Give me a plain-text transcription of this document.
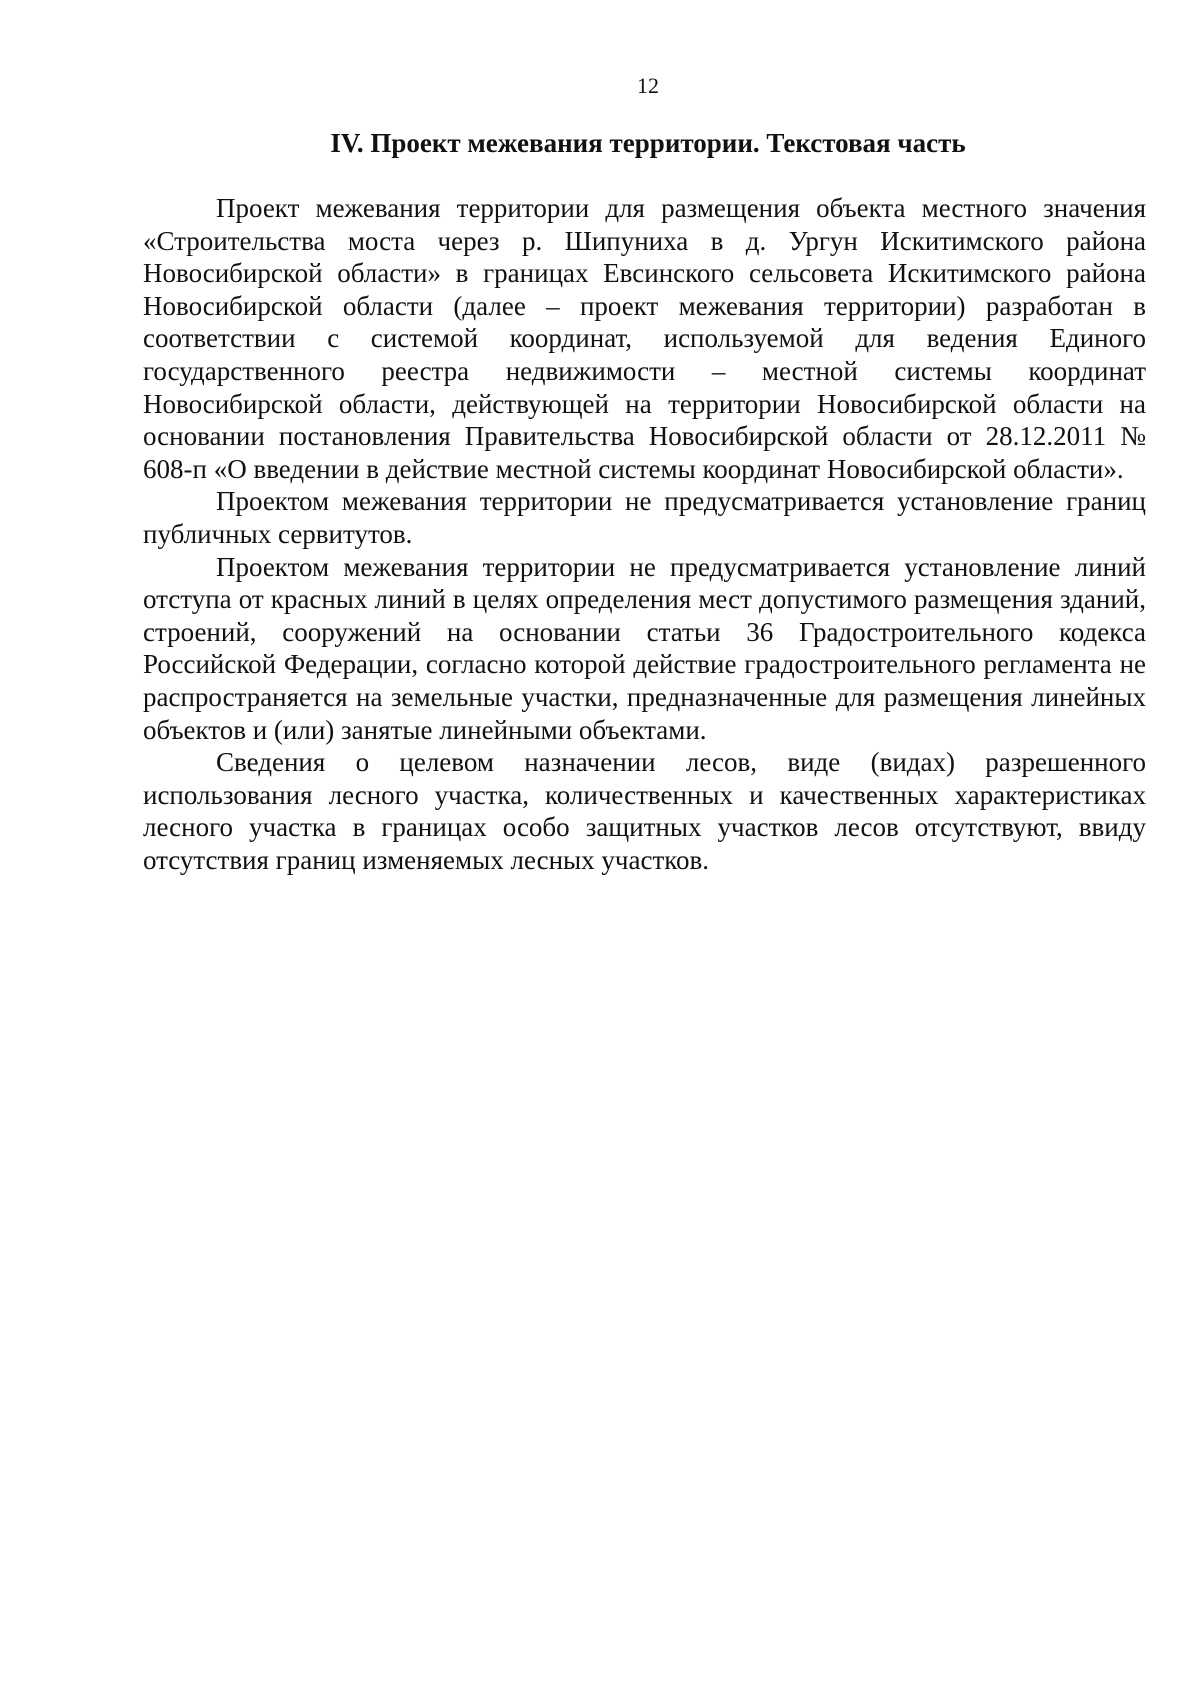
12
IV. Проект межевания территории. Текстовая часть

Проект межевания территории для размещения объекта местного значения «Строительства моста через р. Шипуниха в д. Ургун Искитимского района Новосибирской области» в границах Евсинского сельсовета Искитимского района Новосибирской области (далее – проект межевания территории) разработан в соответствии с системой координат, используемой для ведения Единого государственного реестра недвижимости – местной системы координат Новосибирской области, действующей на территории Новосибирской области на основании постановления Правительства Новосибирской области от 28.12.2011 № 608-п «О введении в действие местной системы координат Новосибирской области».

Проектом межевания территории не предусматривается установление границ публичных сервитутов.

Проектом межевания территории не предусматривается установление линий отступа от красных линий в целях определения мест допустимого размещения зданий, строений, сооружений на основании статьи 36 Градостроительного кодекса Российской Федерации, согласно которой действие градостроительного регламента не распространяется на земельные участки, предназначенные для размещения линейных объектов и (или) занятые линейными объектами.

Сведения о целевом назначении лесов, виде (видах) разрешенного использования лесного участка, количественных и качественных характеристиках лесного участка в границах особо защитных участков лесов отсутствуют, ввиду отсутствия границ изменяемых лесных участков.
